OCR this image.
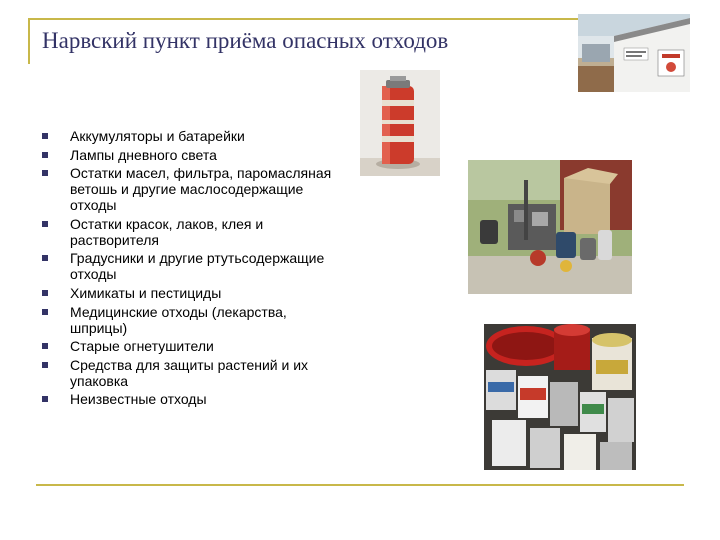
Нарвский пункт приёма опасных отходов
Аккумуляторы и батарейки
Лампы дневного света
Остатки масел, фильтра, паромасляная ветошь и другие маслосодержащие отходы
Остатки красок, лаков, клея и растворителя
Градусники и другие ртутьсодержащие отходы
Химикаты и пестициды
Медицинские отходы (лекарства, шприцы)
Старые огнетушители
Средства для защиты растений и их упаковка
Неизвестные отходы
